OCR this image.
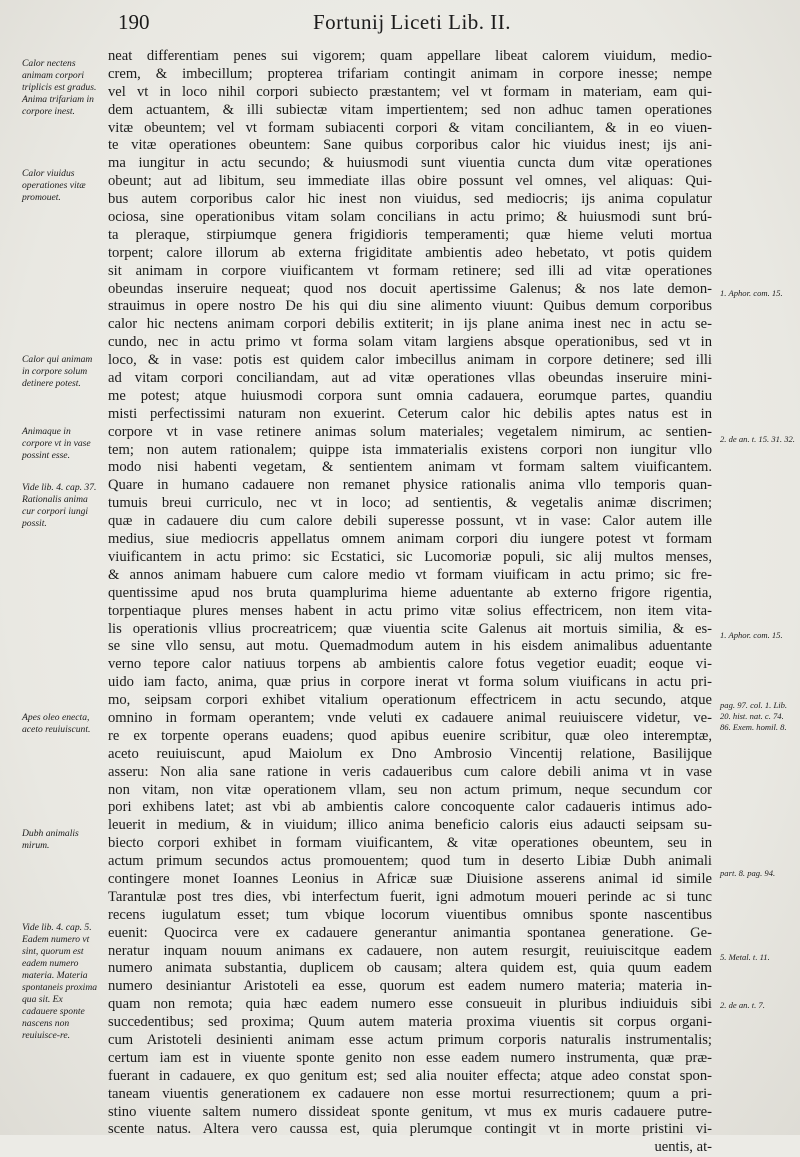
190	Fortunij Liceti Lib. II.
Calor nectens animam corpori triplicis est gradus. Anima trifariam in corpore inest.
Calor viuidus operationes vitæ promouet.
Calor qui animam in corpore solum detinere potest.
Animaque in corpore vt in vase possint esse.
Vide lib. 4. cap. 37. Rationalis anima cur corpori iungi possit.
Apes oleo enecta, aceto reuiuiscunt.
Dubh animalis mirum.
Vide lib. 4. cap. 5. Eadem numero vt sint, quorum est eadem numero materia. Materia spontaneis proxima qua sit. Ex cadauere sponte nascens non reuiuisce-re.
1. Aphor. com. 15.
2. de an. t. 15. 31. 32.
1. Aphor. com. 15.
pag. 97. col. 1. Lib. 20. hist. nat. c. 74. 86. Exem. homil. 8.
part. 8. pag. 94.
5. Metal. t. 11.
2. de an. t. 7.
neat differentiam penes sui vigorem; quam appellare libeat calorem viuidum, medio-
crem, & imbecillum; propterea trifariam contingit animam in corpore inesse; nempe
vel vt in loco nihil corpori subiecto præstantem; vel vt formam in materiam, eam qui-
dem actuantem, & illi subiectæ vitam impertientem; sed non adhuc tamen operationes
vitæ obeuntem; vel vt formam subiacenti corpori & vitam conciliantem, & in eo viuen-
te vitæ operationes obeuntem: Sane quibus corporibus calor hic viuidus inest; ijs ani-
ma iungitur in actu secundo; & huiusmodi sunt viuentia cuncta dum vitæ operationes
obeunt; aut ad libitum, seu immediate illas obire possunt vel omnes, vel aliquas: Qui-
bus autem corporibus calor hic inest non viuidus, sed mediocris; ijs anima copulatur
ociosa, sine operationibus vitam solam concilians in actu primo; & huiusmodi sunt brú-
ta pleraque, stirpiumque genera frigidioris temperamenti; quæ hieme veluti mortua
torpent; calore illorum ab externa frigiditate ambientis adeo hebetato, vt potis quidem
sit animam in corpore viuificantem vt formam retinere; sed illi ad vitæ operationes
obeundas inseruire nequeat; quod nos docuit apertissime Galenus; & nos late demon-
strauimus in opere nostro De his qui diu sine alimento viuunt: Quibus demum corporibus
calor hic nectens animam corpori debilis extiterit; in ijs plane anima inest nec in actu se-
cundo, nec in actu primo vt forma solam vitam largiens absque operationibus, sed vt in
loco, & in vase: potis est quidem calor imbecillus animam in corpore detinere; sed illi
ad vitam corpori conciliandam, aut ad vitæ operationes vllas obeundas inseruire mini-
me potest; atque huiusmodi corpora sunt omnia cadauera, eorumque partes, quandiu
misti perfectissimi naturam non exuerint. Ceterum calor hic debilis aptes natus est in
corpore vt in vase retinere animas solum materiales; vegetalem nimirum, ac sentien-
tem; non autem rationalem; quippe ista immaterialis existens corpori non iungitur vllo
modo nisi habenti vegetam, & sentientem animam vt formam saltem viuificantem.
Quare in humano cadauere non remanet physice rationalis anima vllo temporis quan-
tumuis breui curriculo, nec vt in loco; ad sentientis, & vegetalis animæ discrimen;
quæ in cadauere diu cum calore debili superesse possunt, vt in vase: Calor autem ille
medius, siue mediocris appellatus omnem animam corpori diu iungere potest vt formam
viuificantem in actu primo: sic Ecstatici, sic Lucomoriæ populi, sic alij multos menses,
& annos animam habuere cum calore medio vt formam viuificam in actu primo; sic fre-
quentissime apud nos bruta quamplurima hieme aduentante ab externo frigore rigentia,
torpentiaque plures menses habent in actu primo vitæ solius effectricem, non item vita-
lis operationis vllius procreatricem; quæ viuentia scite Galenus ait mortuis similia, & es-
se sine vllo sensu, aut motu. Quemadmodum autem in his eisdem animalibus aduentante
verno tepore calor natiuus torpens ab ambientis calore fotus vegetior euadit; eoque vi-
uido iam facto, anima, quæ prius in corpore inerat vt forma solum viuificans in actu pri-
mo, seipsam corpori exhibet vitalium operationum effectricem in actu secundo, atque
omnino in formam operantem; vnde veluti ex cadauere animal reuiuiscere videtur, ve-
re ex torpente operans euadens; quod apibus euenire scribitur, quæ oleo interemptæ,
aceto reuiuiscunt, apud Maiolum ex Dno Ambrosio Vincentij relatione, Basilijque
asseru: Non alia sane ratione in veris cadaueribus cum calore debili anima vt in vase
non vitam, non vitæ operationem vllam, seu non actum primum, neque secundum cor
pori exhibens latet; ast vbi ab ambientis calore concoquente calor cadaueris intimus ado-
leuerit in medium, & in viuidum; illico anima beneficio caloris eius adaucti seipsam su-
biecto corpori exhibet in formam viuificantem, & vitæ operationes obeuntem, seu in
actum primum secundos actus promouentem; quod tum in deserto Libiæ Dubh animali
contingere monet Ioannes Leonius in Africæ suæ Diuisione asserens animal id simile
Tarantulæ post tres dies, vbi interfectum fuerit, igni admotum moueri perinde ac si tunc
recens iugulatum esset; tum vbique locorum viuentibus omnibus sponte nascentibus
euenit: Quocirca vere ex cadauere generantur animantia spontanea generatione. Ge-
neratur inquam nouum animans ex cadauere, non autem resurgit, reuiuiscitque eadem
numero animata substantia, duplicem ob causam; altera quidem est, quia quum eadem
numero desiniantur Aristoteli ea esse, quorum est eadem numero materia; materia in-
quam non remota; quia hæc eadem numero esse consueuit in pluribus indiuiduis sibi
succedentibus; sed proxima; Quum autem materia proxima viuentis sit corpus organi-
cum Aristoteli desinienti animam esse actum primum corporis naturalis instrumentalis;
certum iam est in viuente sponte genito non esse eadem numero instrumenta, quæ præ-
fuerant in cadauere, ex quo genitum est; sed alia nouiter effecta; atque adeo constat spon-
taneam viuentis generationem ex cadauere non esse mortui resurrectionem; quum a pri-
stino viuente saltem numero dissideat sponte genitum, vt mus ex muris cadauere putre-
scente natus. Altera vero caussa est, quia plerumque contingit vt in morte pristini vi-
uentis, at-
